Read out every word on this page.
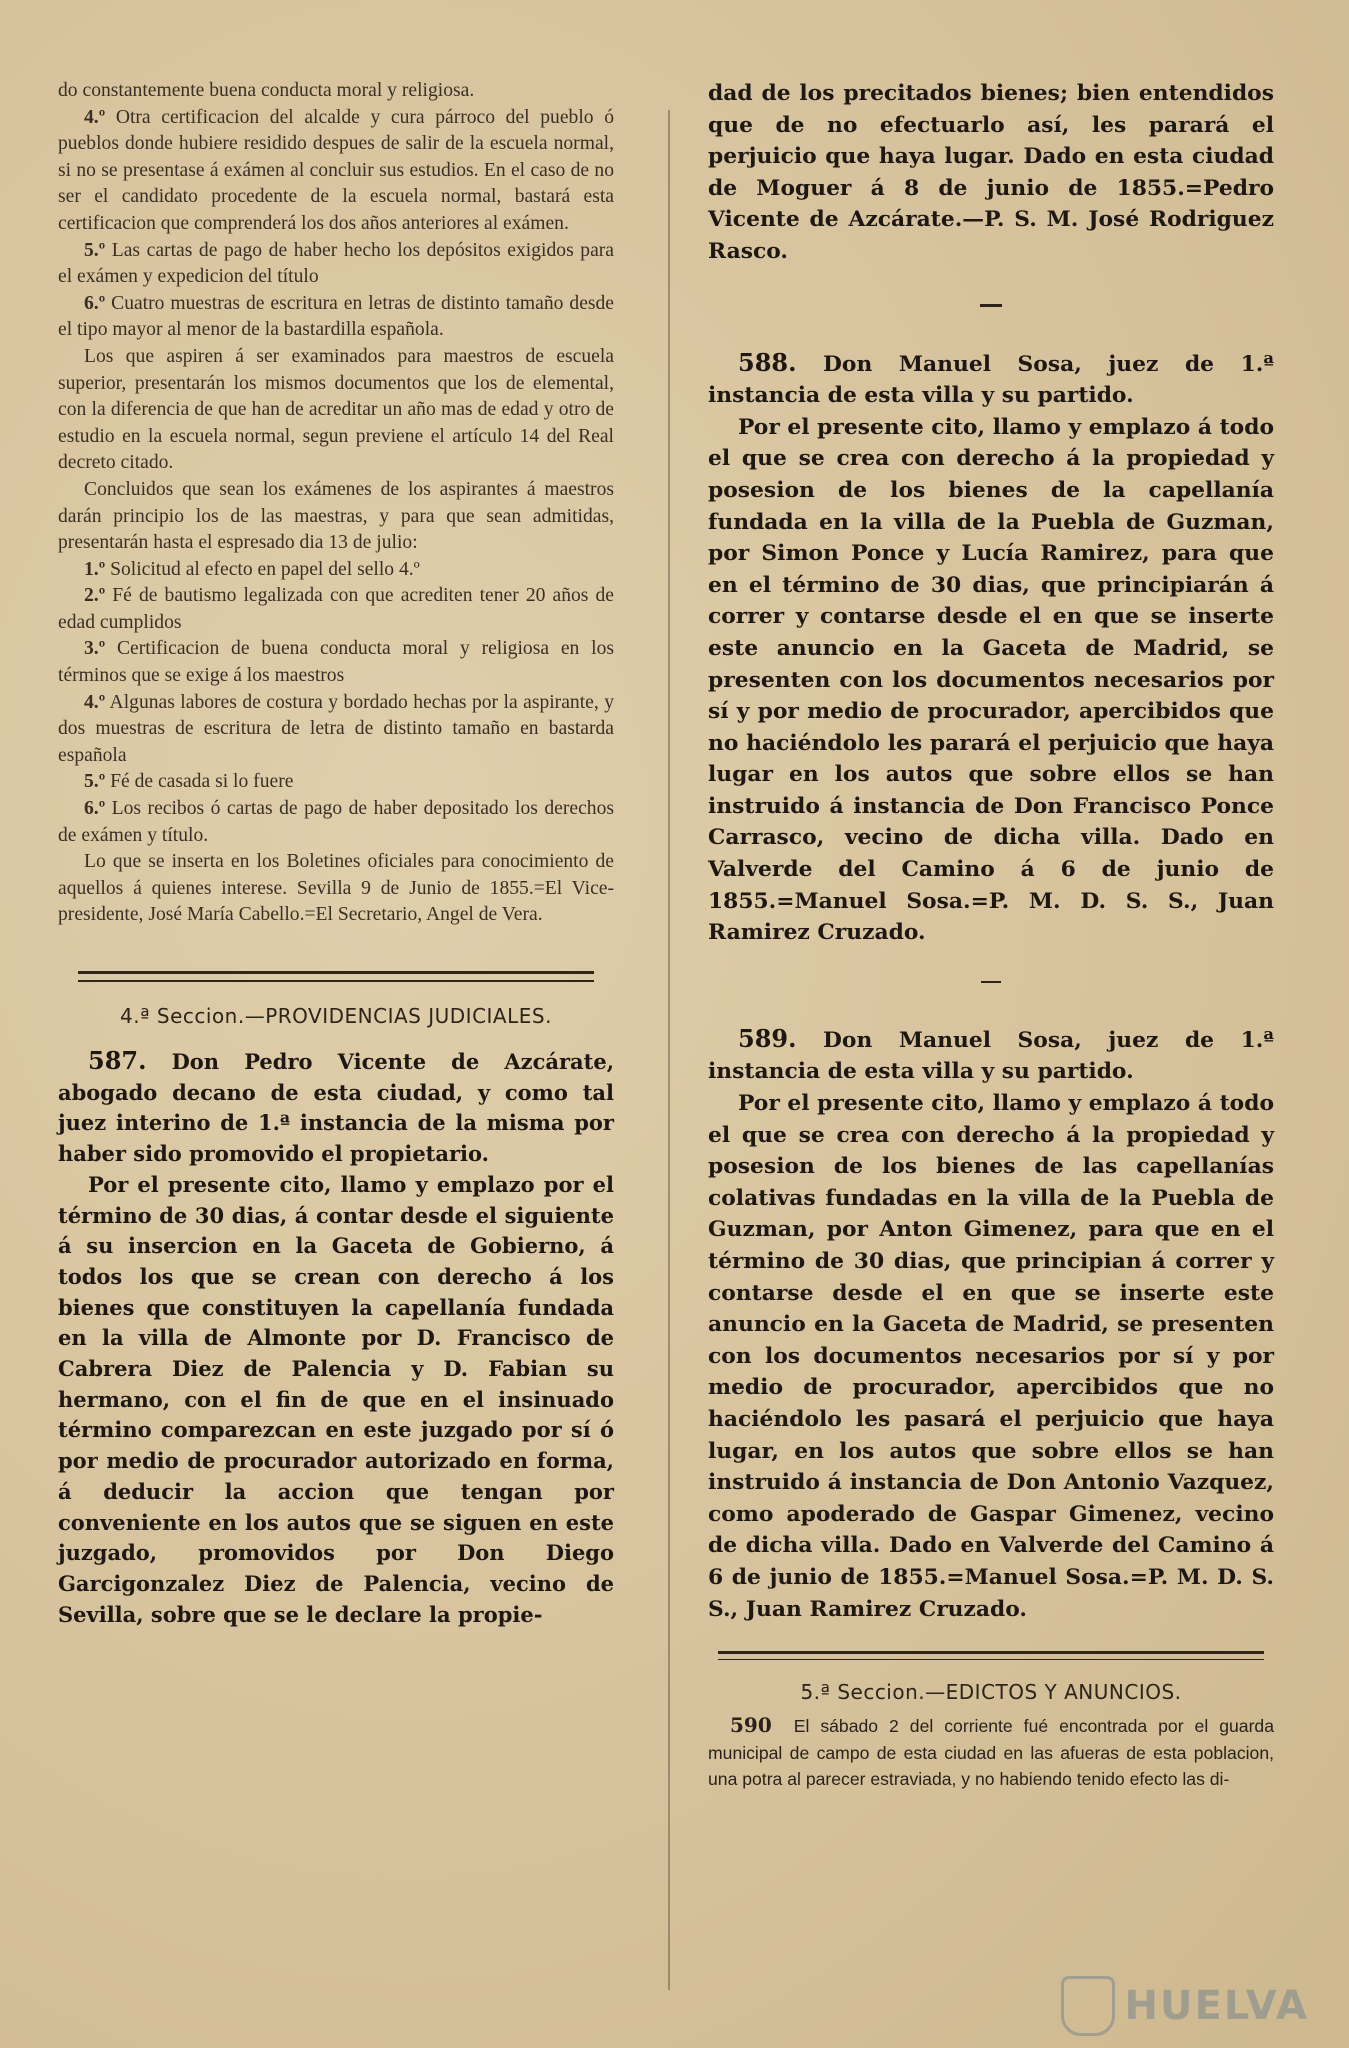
do constantemente buena conducta moral y religiosa.

4.º Otra certificacion del alcalde y cura párroco del pueblo ó pueblos donde hubiere residido despues de salir de la escuela normal, si no se presentase á exámen al concluir sus estudios. En el caso de no ser el candidato procedente de la escuela normal, bastará esta certificacion que comprenderá los dos años anteriores al exámen.

5.º Las cartas de pago de haber hecho los depósitos exigidos para el exámen y expedicion del título

6.º Cuatro muestras de escritura en letras de distinto tamaño desde el tipo mayor al menor de la bastardilla española.

Los que aspiren á ser examinados para maestros de escuela superior, presentarán los mismos documentos que los de elemental, con la diferencia de que han de acreditar un año mas de edad y otro de estudio en la escuela normal, segun previene el artículo 14 del Real decreto citado.

Concluidos que sean los exámenes de los aspirantes á maestros darán principio los de las maestras, y para que sean admitidas, presentarán hasta el espresado dia 13 de julio:

1.º Solicitud al efecto en papel del sello 4.º

2.º Fé de bautismo legalizada con que acrediten tener 20 años de edad cumplidos

3.º Certificacion de buena conducta moral y religiosa en los términos que se exige á los maestros

4.º Algunas labores de costura y bordado hechas por la aspirante, y dos muestras de escritura de letra de distinto tamaño en bastarda española

5.º Fé de casada si lo fuere

6.º Los recibos ó cartas de pago de haber depositado los derechos de exámen y título.

Lo que se inserta en los Boletines oficiales para conocimiento de aquellos á quienes interese. Sevilla 9 de Junio de 1855.=El Vice-presidente, José María Cabello.=El Secretario, Angel de Vera.

4.ª Seccion.—PROVIDENCIAS JUDICIALES.

587. Don Pedro Vicente de Azcárate, abogado decano de esta ciudad, y como tal juez interino de 1.ª instancia de la misma por haber sido promovido el propietario.

Por el presente cito, llamo y emplazo por el término de 30 dias, á contar desde el siguiente á su insercion en la Gaceta de Gobierno, á todos los que se crean con derecho á los bienes que constituyen la capellanía fundada en la villa de Almonte por D. Francisco de Cabrera Diez de Palencia y D. Fabian su hermano, con el fin de que en el insinuado término comparezcan en este juzgado por sí ó por medio de procurador autorizado en forma, á deducir la accion que tengan por conveniente en los autos que se siguen en este juzgado, promovidos por Don Diego Garcigonzalez Diez de Palencia, vecino de Sevilla, sobre que se le declare la propie-

dad de los precitados bienes; bien entendidos que de no efectuarlo así, les parará el perjuicio que haya lugar. Dado en esta ciudad de Moguer á 8 de junio de 1855.=Pedro Vicente de Azcárate.—P. S. M. José Rodriguez Rasco.

588. Don Manuel Sosa, juez de 1.ª instancia de esta villa y su partido.

Por el presente cito, llamo y emplazo á todo el que se crea con derecho á la propiedad y posesion de los bienes de la capellanía fundada en la villa de la Puebla de Guzman, por Simon Ponce y Lucía Ramirez, para que en el término de 30 dias, que principiarán á correr y contarse desde el en que se inserte este anuncio en la Gaceta de Madrid, se presenten con los documentos necesarios por sí y por medio de procurador, apercibidos que no haciéndolo les parará el perjuicio que haya lugar en los autos que sobre ellos se han instruido á instancia de Don Francisco Ponce Carrasco, vecino de dicha villa. Dado en Valverde del Camino á 6 de junio de 1855.=Manuel Sosa.=P. M. D. S. S., Juan Ramirez Cruzado.

589. Don Manuel Sosa, juez de 1.ª instancia de esta villa y su partido.

Por el presente cito, llamo y emplazo á todo el que se crea con derecho á la propiedad y posesion de los bienes de las capellanías colativas fundadas en la villa de la Puebla de Guzman, por Anton Gimenez, para que en el término de 30 dias, que principian á correr y contarse desde el en que se inserte este anuncio en la Gaceta de Madrid, se presenten con los documentos necesarios por sí y por medio de procurador, apercibidos que no haciéndolo les pasará el perjuicio que haya lugar, en los autos que sobre ellos se han instruido á instancia de Don Antonio Vazquez, como apoderado de Gaspar Gimenez, vecino de dicha villa. Dado en Valverde del Camino á 6 de junio de 1855.=Manuel Sosa.=P. M. D. S. S., Juan Ramirez Cruzado.

5.ª Seccion.—EDICTOS Y ANUNCIOS.

590 El sábado 2 del corriente fué encontrada por el guarda municipal de campo de esta ciudad en las afueras de esta poblacion, una potra al parecer estraviada, y no habiendo tenido efecto las di-

HUELVA
